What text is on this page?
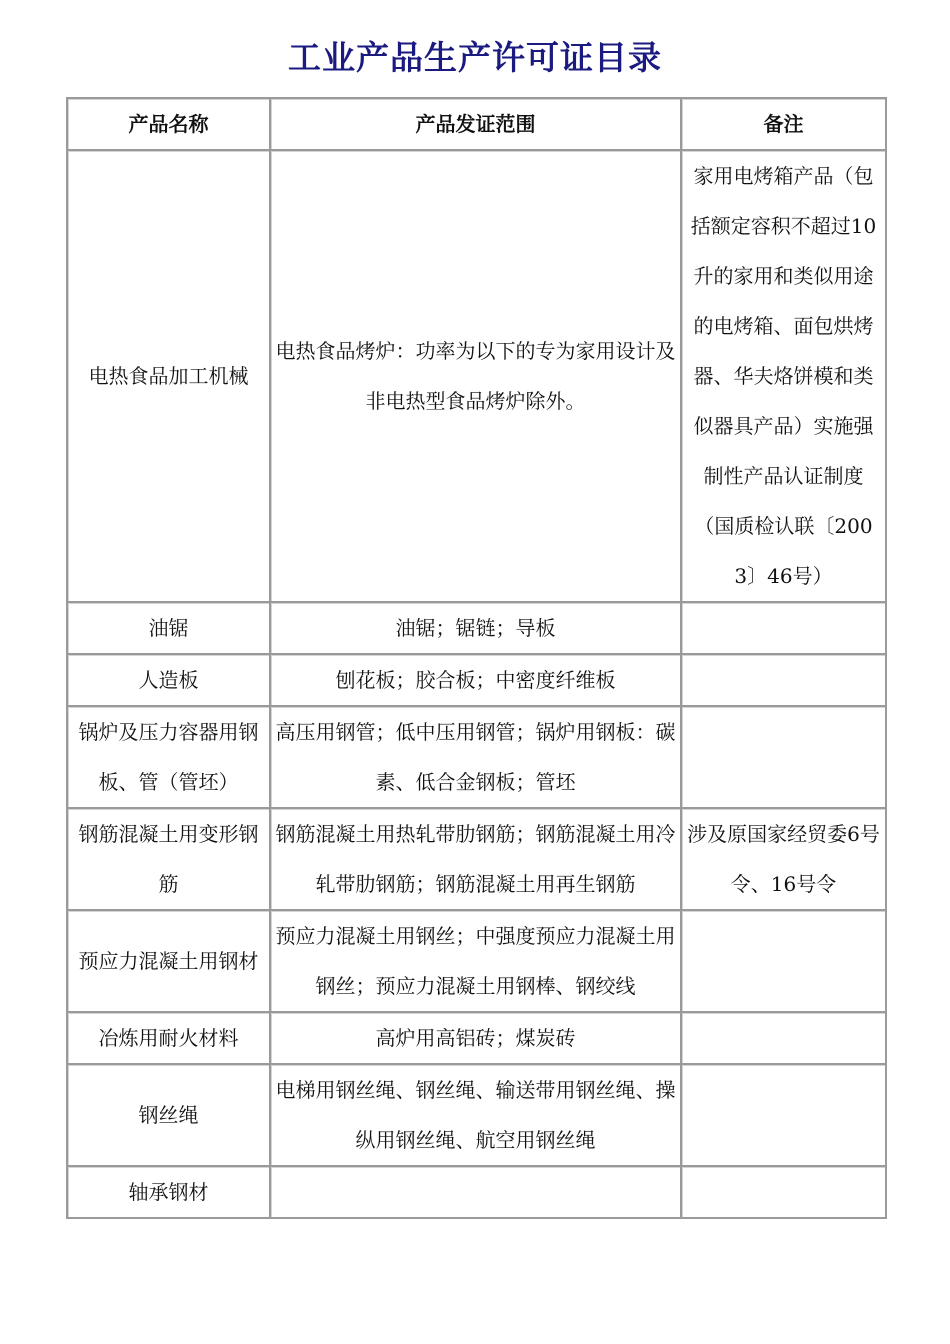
工业产品生产许可证目录
产品名称	产品发证范围	备注
电热食品加工机械	电热食品烤炉：功率为以下的专为家用设计及非电热型食品烤炉除外。	家用电烤箱产品（包括额定容积不超过10升的家用和类似用途的电烤箱、面包烘烤器、华夫烙饼模和类似器具产品）实施强制性产品认证制度（国质检认联〔2003〕46号）
油锯	油锯；锯链；导板	
人造板	刨花板；胶合板；中密度纤维板	
锅炉及压力容器用钢板、管（管坯）	高压用钢管；低中压用钢管；锅炉用钢板：碳素、低合金钢板；管坯	
钢筋混凝土用变形钢筋	钢筋混凝土用热轧带肋钢筋；钢筋混凝土用冷轧带肋钢筋；钢筋混凝土用再生钢筋	涉及原国家经贸委6号令、16号令
预应力混凝土用钢材	预应力混凝土用钢丝；中强度预应力混凝土用钢丝；预应力混凝土用钢棒、钢绞线	
冶炼用耐火材料	高炉用高铝砖；煤炭砖	
钢丝绳	电梯用钢丝绳、钢丝绳、输送带用钢丝绳、操纵用钢丝绳、航空用钢丝绳	
轴承钢材		
